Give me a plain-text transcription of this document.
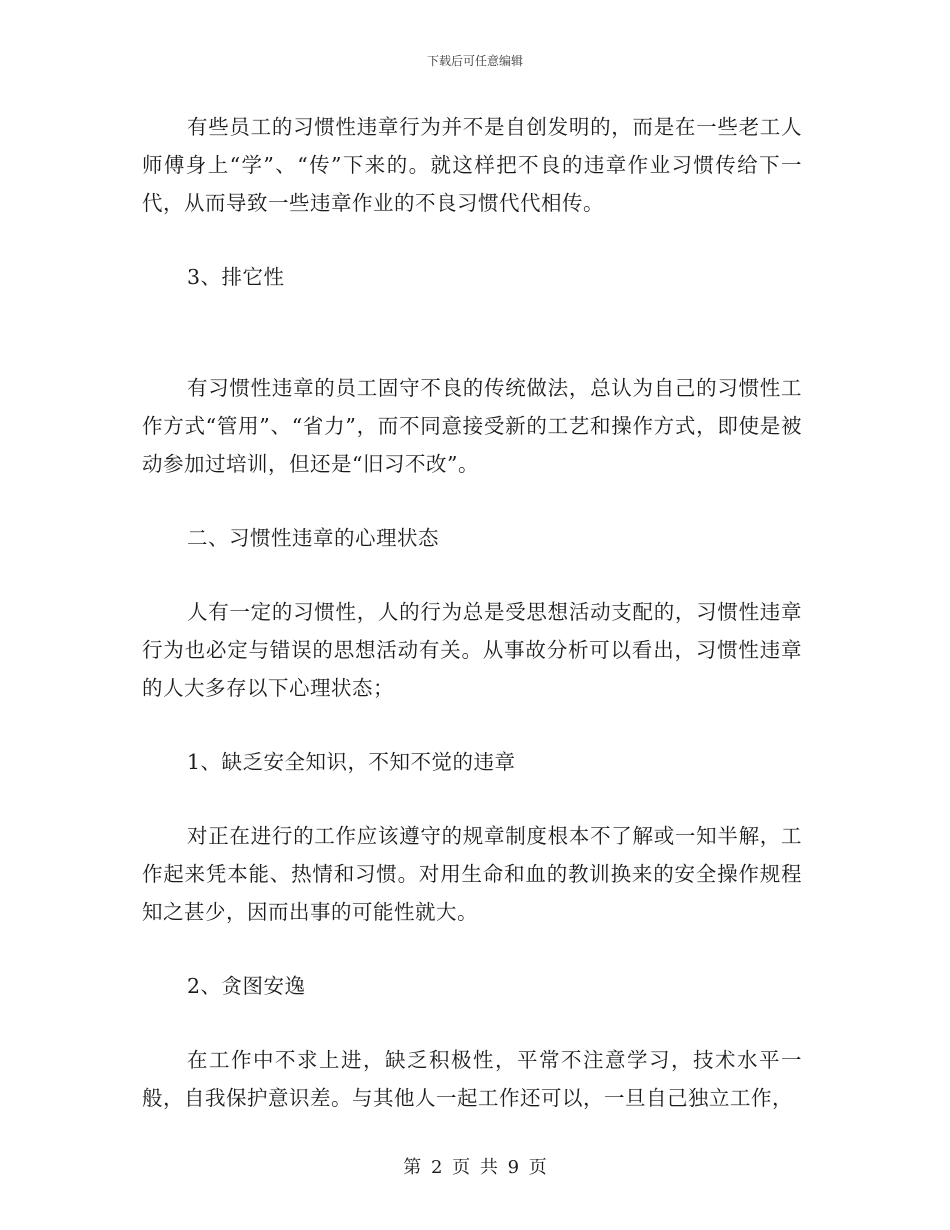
下载后可任意编辑

有些员工的习惯性违章行为并不是自创发明的，而是在一些老工人师傅身上“学”、“传”下来的。就这样把不良的违章作业习惯传给下一代，从而导致一些违章作业的不良习惯代代相传。

3、排它性

有习惯性违章的员工固守不良的传统做法，总认为自己的习惯性工作方式“管用”、“省力”，而不同意接受新的工艺和操作方式，即使是被动参加过培训，但还是“旧习不改”。

二、习惯性违章的心理状态

人有一定的习惯性，人的行为总是受思想活动支配的，习惯性违章行为也必定与错误的思想活动有关。从事故分析可以看出，习惯性违章的人大多存以下心理状态；

1、缺乏安全知识，不知不觉的违章

对正在进行的工作应该遵守的规章制度根本不了解或一知半解，工作起来凭本能、热情和习惯。对用生命和血的教训换来的安全操作规程知之甚少，因而出事的可能性就大。

2、贪图安逸

在工作中不求上进，缺乏积极性，平常不注意学习，技术水平一般，自我保护意识差。与其他人一起工作还可以，一旦自己独立工作，

第 2 页 共 9 页
